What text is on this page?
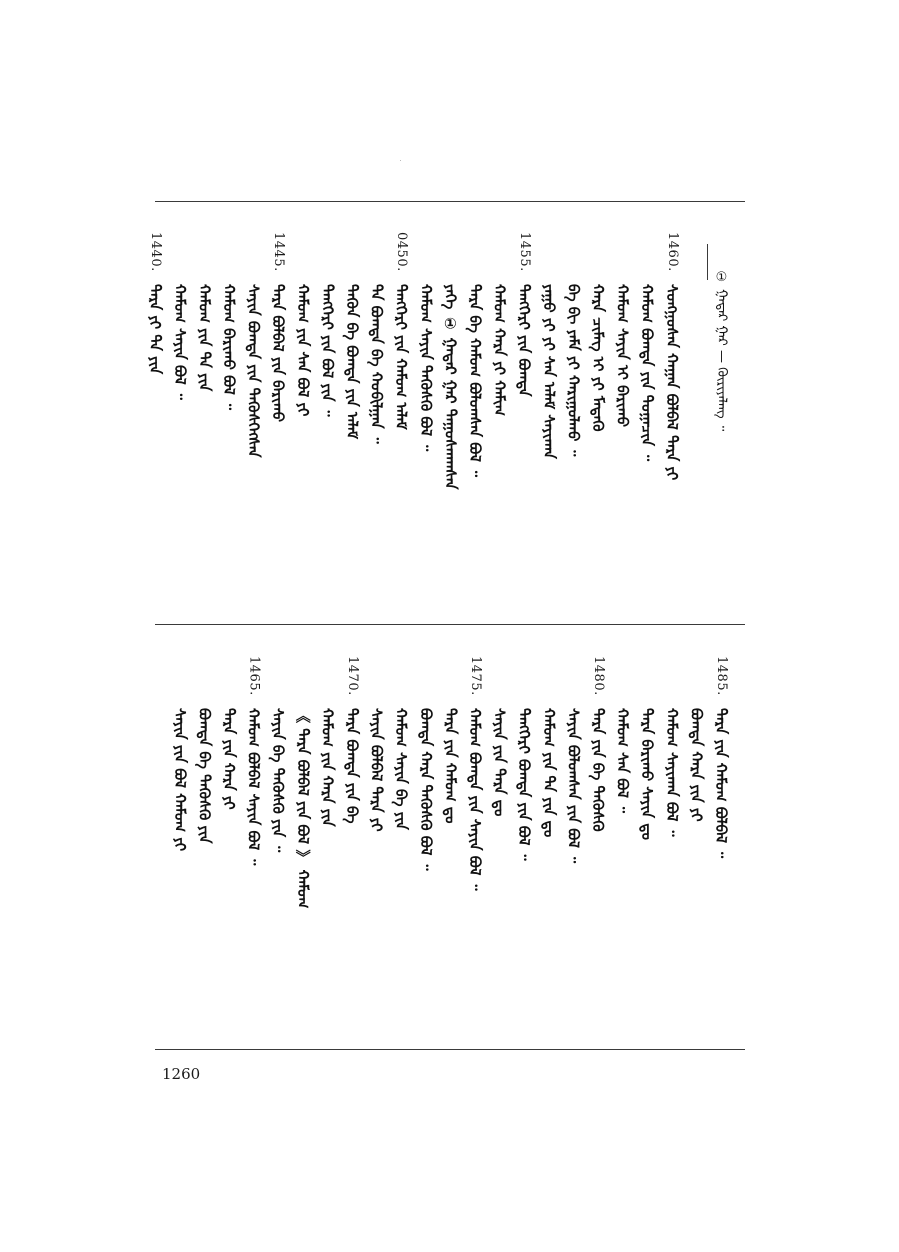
① ᠭᠠᠳᠠᠷ ᠭᠠᠷ — ᠬᠦᠷᠢᠶᠡᠯᠡᠩ ᠃
1460.
ᠰᠣᠩᠭᠣᠰᠠᠨ ᠬᠠᠭᠠᠨ ᠪᠣᠯᠪᠠᠯ ᠲᠡᠷᠡ ᠶᠢ
ᠬᠠᠮᠤᠭ ᠪᠣᠭᠳᠠ ᠶᠢᠨ ᠲᠣᠭᠠᠴᠢᠨ ᠃
ᠬᠠᠮᠤᠭ ᠰᠠᠶᠢᠨ ᠢ ᠪᠠᠷᠢᠬᠤ
ᠬᠠᠷᠠ ᠴᠢᠮᠡᠭ ᠢ ᠶᠢ ᠮᠡᠳᠡᠬᠦ
ᠪᠠ ᠪᠢ ᠶᠠᠮᠠ ᠶᠢ ᠬᠠᠷᠢᠭᠤᠯᠬᠤ ᠃
ᠶᠠᠭᠤ ᠶᠢ ᠶᠢ ᠰᠠᠨ ᠠᠯᠠᠮ ᠰᠠᠶᠢᠬᠠᠨ
1455.
ᠲᠡᠩᠭᠡᠷᠢ ᠶᠢᠨ ᠪᠣᠭᠳᠠ
ᠬᠠᠮᠤᠭ ᠬᠠᠷᠠ ᠶᠢ ᠬᠠᠮᠢᠭ
ᠲᠡᠷᠡ ᠪᠠ ᠬᠠᠮᠤᠭ ᠪᠣᠯᠤᠭᠰᠠᠨ ᠪᠣᠯ ᠃
ᠶᠡᠬᠡ ① ᠭᠠᠳᠠᠷ ᠭᠠᠷ ᠳᠠᠭᠤᠰᠬᠠᠭᠰᠠᠨ
ᠬᠠᠮᠤᠭ ᠰᠠᠶᠢᠨ ᠲᠡᠭᠦᠰᠬᠦ ᠪᠣᠯ ᠃
0450.
ᠲᠡᠩᠭᠡᠷᠢ ᠶᠢᠨ ᠬᠠᠮᠤᠭ ᠠᠯᠠᠮ
ᠲᠠ ᠪᠣᠭᠳᠠ ᠪᠠ ᠬᠤᠪᠢᠯᠭᠠᠨ ᠃
ᠲᠡᠭᠦᠨ ᠪᠠ ᠪᠣᠭᠳᠠ ᠶᠢᠨ ᠠᠯᠠᠮ
ᠲᠡᠩᠭᠡᠷᠢ ᠶᠢᠨ ᠪᠣᠯ ᠶᠢᠨ ᠃
ᠬᠠᠮᠤᠭ ᠶᠢᠨ ᠰᠠᠨ ᠪᠣᠯ ᠶᠢ
1445.
ᠲᠡᠷᠡ ᠪᠣᠯᠪᠠᠯ ᠶᠢᠨ ᠪᠠᠷᠢᠬᠤ
ᠰᠠᠶᠢᠨ ᠪᠣᠭᠳᠠ ᠶᠢᠨ ᠲᠡᠭᠦᠰᠬᠡᠭᠰᠡᠨ
ᠬᠠᠮᠤᠭ ᠪᠠᠷᠢᠬᠤ ᠪᠣᠯ ᠃
ᠬᠠᠮᠤᠭ ᠶᠢᠨ ᠲᠡ ᠶᠢᠨ
ᠬᠠᠮᠤᠭ ᠰᠠᠶᠢᠨ ᠪᠣᠯ ᠃
1440.
ᠲᠡᠷᠡ ᠶᠢ ᠲᠡ ᠶᠢᠨ
1485.
ᠲᠡᠷᠡ ᠶᠢᠨ ᠬᠠᠮᠤᠭ ᠪᠣᠯᠪᠠᠯ ᠃
ᠪᠣᠭᠳᠠ ᠬᠠᠷᠠ ᠶᠢᠨ ᠶᠢ
ᠬᠠᠮᠤᠭ ᠰᠠᠶᠢᠬᠠᠨ ᠪᠣᠯ ᠃
ᠲᠡᠷᠡ ᠪᠠᠷᠢᠬᠤ ᠰᠠᠶᠢᠨ ᠳᠤ
ᠬᠠᠮᠤᠭ ᠰᠠᠨ ᠪᠣᠯ ᠃
1480.
ᠲᠡᠷᠡ ᠶᠢᠨ ᠪᠠ ᠲᠡᠭᠦᠰᠬᠦ
ᠰᠠᠶᠢᠨ ᠪᠣᠯᠤᠭᠰᠠᠨ ᠶᠢᠨ ᠪᠣᠯ ᠃
ᠬᠠᠮᠤᠭ ᠶᠢᠨ ᠲᠡ ᠶᠢᠨ ᠳᠤ
ᠲᠡᠩᠭᠡᠷᠢ ᠪᠣᠭᠳᠠ ᠶᠢᠨ ᠪᠣᠯ ᠃
ᠰᠠᠶᠢᠨ ᠶᠢᠨ ᠲᠡᠷᠡ ᠳᠤ
1475.
ᠬᠠᠮᠤᠭ ᠪᠣᠭᠳᠠ ᠶᠢᠨ ᠰᠠᠶᠢᠨ ᠪᠣᠯ ᠃
ᠲᠡᠷᠡ ᠶᠢᠨ ᠬᠠᠮᠤᠭ ᠳᠤ
ᠪᠣᠭᠳᠠ ᠬᠠᠷᠠ ᠲᠡᠭᠦᠰᠬᠦ ᠪᠣᠯ ᠃
ᠬᠠᠮᠤᠭ ᠰᠠᠶᠢᠨ ᠪᠠ ᠶᠢᠨ
ᠰᠠᠶᠢᠨ ᠪᠣᠯᠪᠠᠯ ᠲᠡᠷᠡ ᠶᠢ
1470.
ᠲᠡᠷᠡ ᠪᠣᠭᠳᠠ ᠶᠢᠨ ᠪᠠ
ᠬᠠᠮᠤᠭ ᠶᠢᠨ ᠬᠠᠷᠠ ᠶᠢᠨ
《 ᠲᠡᠷᠡ ᠪᠣᠯᠪᠠᠯ ᠶᠢᠨ ᠪᠣᠯ 》 ᠬᠠᠮᠤᠭ
ᠰᠠᠶᠢᠨ ᠪᠠ ᠲᠡᠭᠦᠰᠬᠦ ᠶᠢᠨ ᠃
1465.
ᠬᠠᠮᠤᠭ ᠪᠣᠯᠪᠠᠯ ᠰᠠᠶᠢᠨ ᠪᠣᠯ ᠃
ᠲᠡᠷᠡ ᠶᠢᠨ ᠬᠠᠷᠠ ᠶᠢ
ᠪᠣᠭᠳᠠ ᠪᠠ ᠲᠡᠭᠦᠰᠬᠦ ᠶᠢᠨ
ᠰᠠᠶᠢᠨ ᠶᠢᠨ ᠪᠣᠯ ᠬᠠᠮᠤᠭ ᠶᠢ
1260
